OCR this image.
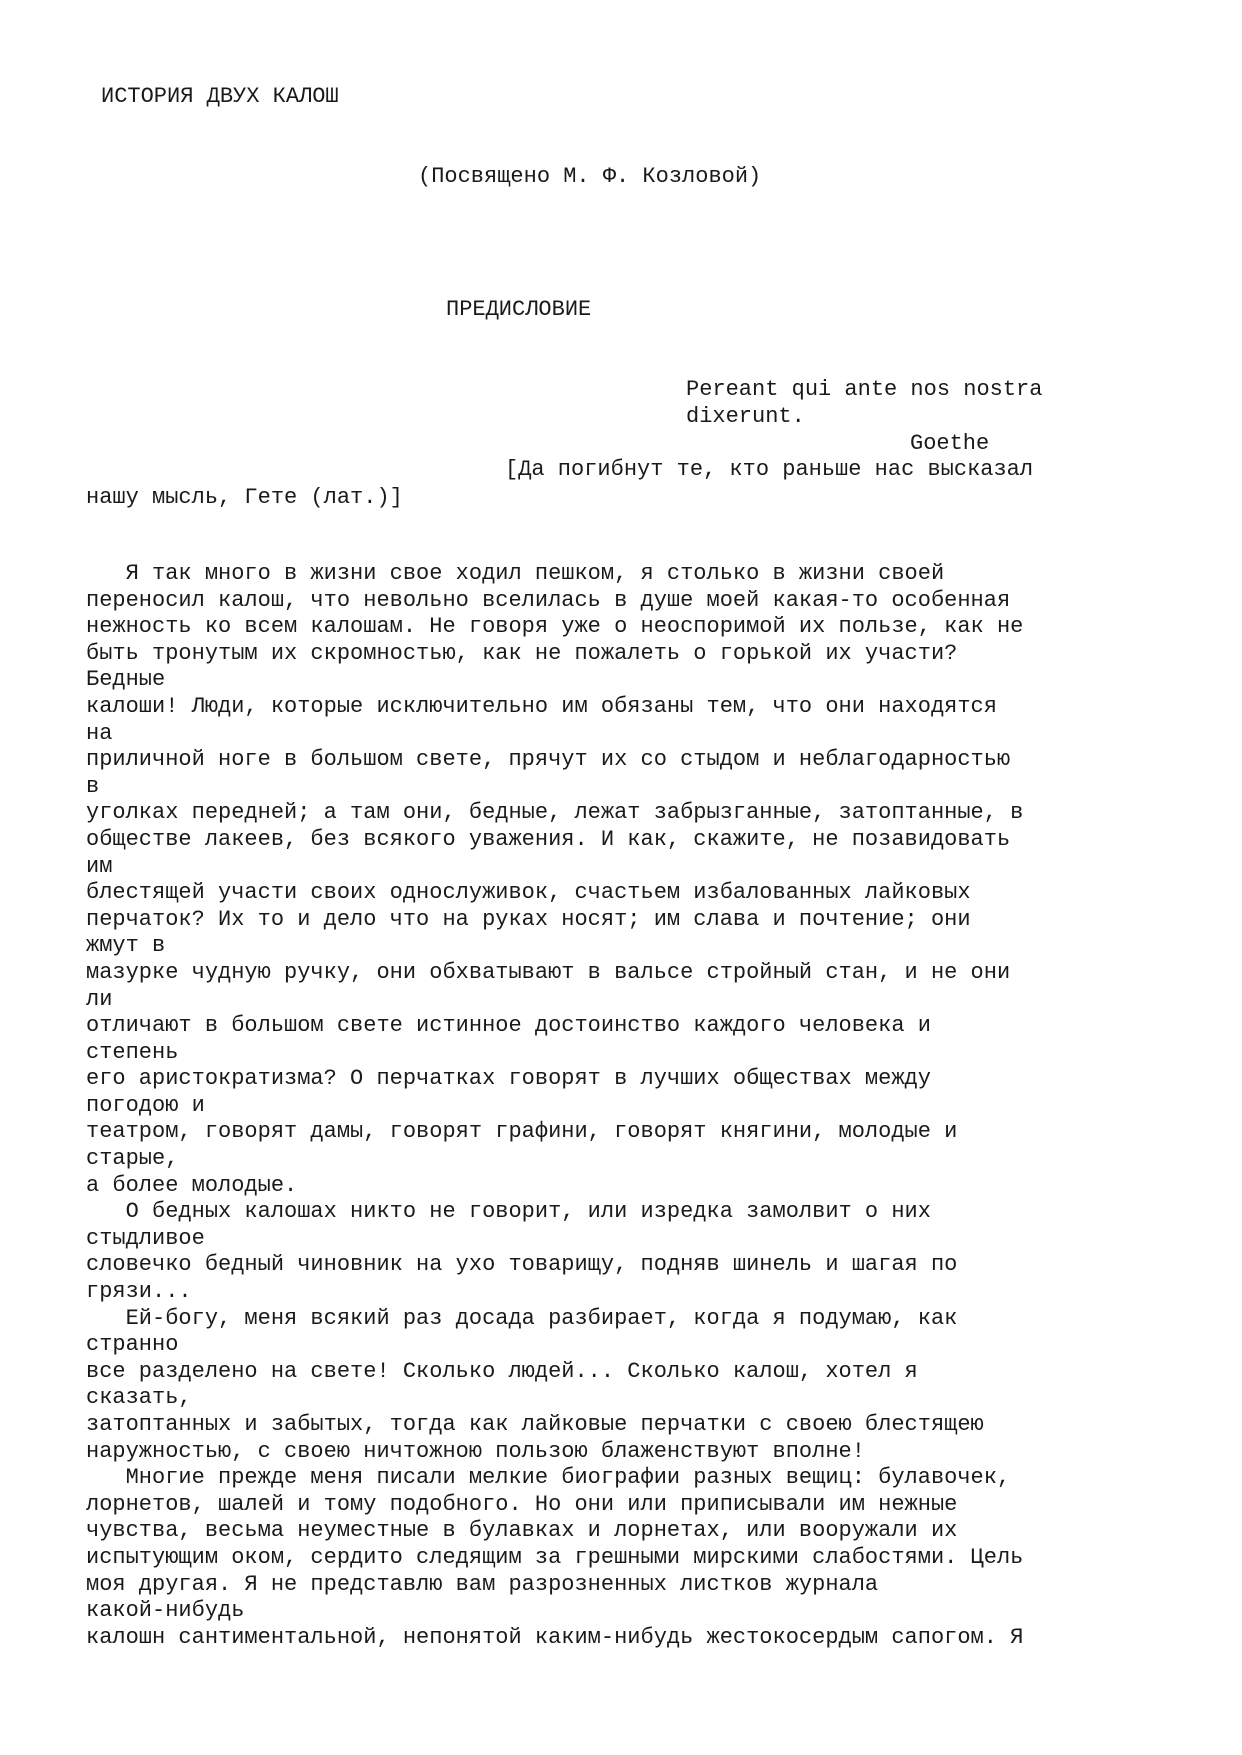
ИСТОРИЯ ДВУХ КАЛОШ
(Посвящено М. Ф. Козловой)
ПРЕДИСЛОВИЕ
Pereant qui ante nos nostra
dixerunt.
Goethe
[Да погибнут те, кто раньше нас высказал
нашу мысль, Гете (лат.)]
Я так много в жизни свое ходил пешком, я столько в жизни своей
переносил калош, что невольно вселилась в душе моей какая-то особенная
нежность ко всем калошам. Не говоря уже о неоспоримой их пользе, как не
быть тронутым их скромностью, как не пожалеть о горькой их участи?
Бедные
калоши! Люди, которые исключительно им обязаны тем, что они находятся
на
приличной ноге в большом свете, прячут их со стыдом и неблагодарностью
в
уголках передней; а там они, бедные, лежат забрызганные, затоптанные, в
обществе лакеев, без всякого уважения. И как, скажите, не позавидовать
им
блестящей участи своих однослуживок, счастьем избалованных лайковых
перчаток? Их то и дело что на руках носят; им слава и почтение; они
жмут в
мазурке чудную ручку, они обхватывают в вальсе стройный стан, и не они
ли
отличают в большом свете истинное достоинство каждого человека и
степень
его аристократизма? О перчатках говорят в лучших обществах между
погодою и
театром, говорят дамы, говорят графини, говорят княгини, молодые и
старые,
а более молодые.
О бедных калошах никто не говорит, или изредка замолвит о них
стыдливое
словечко бедный чиновник на ухо товарищу, подняв шинель и шагая по
грязи...
Ей-богу, меня всякий раз досада разбирает, когда я подумаю, как
странно
все разделено на свете! Сколько людей... Сколько калош, хотел я
сказать,
затоптанных и забытых, тогда как лайковые перчатки с своею блестящею
наружностью, с своею ничтожною пользою блаженствуют вполне!
Многие прежде меня писали мелкие биографии разных вещиц: булавочек,
лорнетов, шалей и тому подобного. Но они или приписывали им нежные
чувства, весьма неуместные в булавках и лорнетах, или вооружали их
испытующим оком, сердито следящим за грешными мирскими слабостями. Цель
моя другая. Я не представлю вам разрозненных листков журнала
какой-нибудь
калошн сантиментальной, непонятой каким-нибудь жестокосердым сапогом. Я
